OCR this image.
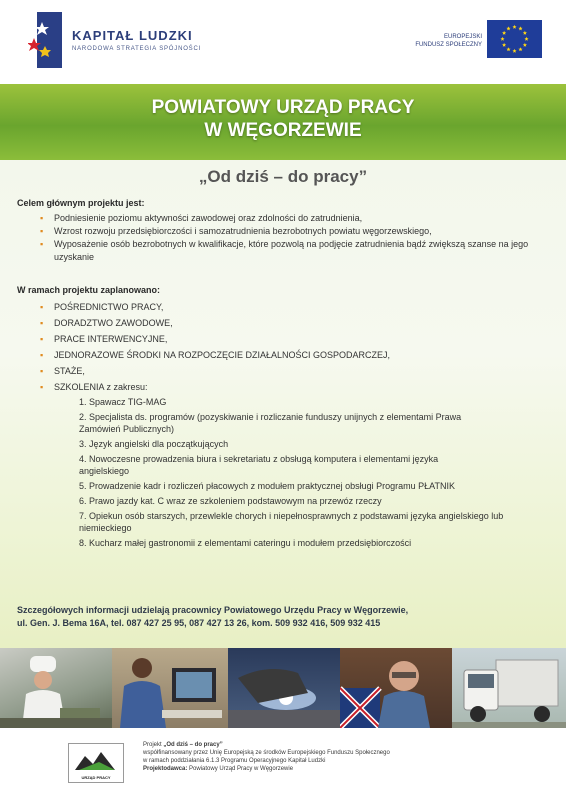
KAPITAŁ LUDZKI
NARODOWA STRATEGIA SPÓJNOŚCI
EUROPEJSKI
FUNDUSZ SPOŁECZNY
POWIATOWY URZĄD PRACY
W WĘGORZEWIE
„Od dziś – do pracy”
Celem głównym projektu jest:
▪ Podniesienie poziomu aktywności zawodowej oraz zdolności do zatrudnienia,
▪ Wzrost rozwoju przedsiębiorczości i samozatrudnienia bezrobotnych powiatu węgorzewskiego,
▪ Wyposażenie osób bezrobotnych w kwalifikacje, które pozwolą na podjęcie zatrudnienia bądź zwiększą szanse na jego uzyskanie
W ramach projektu zaplanowano:
▪ POŚREDNICTWO PRACY,
▪ DORADZTWO ZAWODOWE,
▪ PRACE INTERWENCYJNE,
▪ JEDNORAZOWE ŚRODKI NA ROZPOCZĘCIE DZIAŁALNOŚCI GOSPODARCZEJ,
▪ STAŻE,
▪ SZKOLENIA z zakresu:
1. Spawacz TIG-MAG
2. Specjalista ds. programów (pozyskiwanie i rozliczanie funduszy unijnych z elementami Prawa Zamówień Publicznych)
3. Język angielski dla początkujących
4. Nowoczesne prowadzenia biura i sekretariatu z obsługą komputera i elementami języka angielskiego
5. Prowadzenie kadr i rozliczeń płacowych z modułem praktycznej obsługi Programu PŁATNIK
6. Prawo jazdy kat. C wraz ze szkoleniem podstawowym na przewóz rzeczy
7. Opiekun osób starszych, przewlekle chorych i niepełnosprawnych z podstawami języka angielskiego lub niemieckiego
8. Kucharz małej gastronomii z elementami cateringu i modułem przedsiębiorczości
Szczegółowych informacji udzielają pracownicy Powiatowego Urzędu Pracy w Węgorzewie,
ul. Gen. J. Bema 16A, tel. 087 427 25 95, 087 427 13 26, kom. 509 932 416, 509 932 415
URZĄD PRACY
Projekt „Od dziś – do pracy”
współfinansowany przez Unię Europejską ze środków Europejskiego Funduszu Społecznego
w ramach poddziałania 6.1.3 Programu Operacyjnego Kapitał Ludzki
Projektodawca: Powiatowy Urząd Pracy w Węgorzewie
